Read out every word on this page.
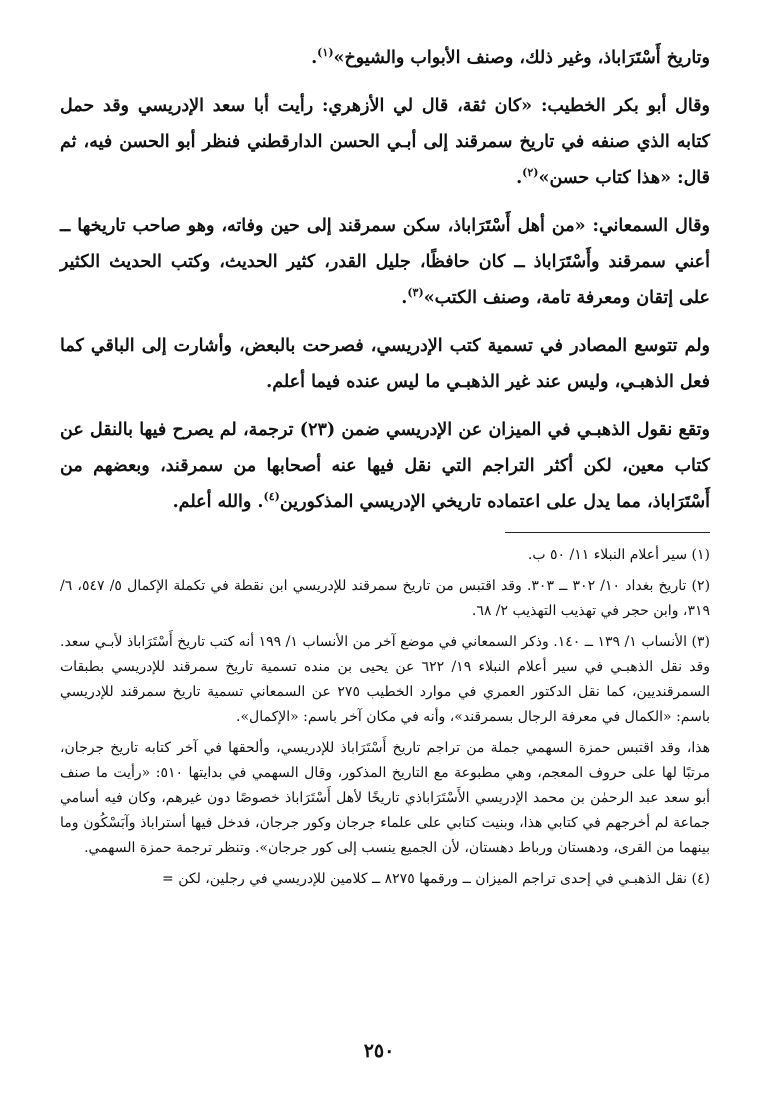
وتاريخ أَسْتَرَاباذ، وغير ذلك، وصنف الأبواب والشيوخ»$^{(١)}$.

وقال أبو بكر الخطيب: «كان ثقة، قال لي الأزهري: رأيت أبا سعد الإدريسي وقد حمل كتابه الذي صنفه في تاريخ سمرقند إلى أبـي الحسن الدارقطني فنظر أبو الحسن فيه، ثم قال: «هذا كتاب حسن»$^{(٢)}$.

وقال السمعاني: «من أهل أَسْتَرَاباذ، سكن سمرقند إلى حين وفاته، وهو صاحب تاريخها ــ أعني سمرقند وأَسْتَرَاباذ ــ كان حافظًا، جليل القدر، كثير الحديث، وكتب الحديث الكثير على إتقان ومعرفة تامة، وصنف الكتب»$^{(٣)}$.

ولم تتوسع المصادر في تسمية كتب الإدريسي، فصرحت بالبعض، وأشارت إلى الباقي كما فعل الذهبـي، وليس عند غير الذهبـي ما ليس عنده فيما أعلم.

وتقع نقول الذهبـي في الميزان عن الإدريسي ضمن (٢٣) ترجمة، لم يصرح فيها بالنقل عن كتاب معين، لكن أكثر التراجم التي نقل فيها عنه أصحابها من سمرقند، وبعضهم من أَسْتَرَاباذ، مما يدل على اعتماده تاريخي الإدريسي المذكورين$^{(٤)}$. والله أعلم.

(١) سير أعلام النبلاء ١١/ ٥٠ ب.

(٢) تاريخ بغداد ١٠/ ٣٠٢ ــ ٣٠٣. وقد اقتبس من تاريخ سمرقند للإدريسي ابن نقطة في تكملة الإكمال ٥/ ٥٤٧، ٦/ ٣١٩، وابن حجر في تهذيب التهذيب ٢/ ٦٨.

(٣) الأنساب ١/ ١٣٩ ــ ١٤٠. وذكر السمعاني في موضع آخر من الأنساب ١/ ١٩٩ أنه كتب تاريخ أَسْتَرَاباذ لأبـي سعد. وقد نقل الذهبـي في سير أعلام النبلاء ١٩/ ٦٢٢ عن يحيى بن منده تسمية تاريخ سمرقند للإدريسي بطبقات السمرقنديين، كما نقل الدكتور العمري في موارد الخطيب ٢٧٥ عن السمعاني تسمية تاريخ سمرقند للإدريسي باسم: «الكمال في معرفة الرجال بسمرقند»، وأنه في مكان آخر باسم: «الإكمال».

هذا، وقد اقتبس حمزة السهمي جملة من تراجم تاريخ أَسْتَرَاباذ للإدريسي، وألحقها في آخر كتابه تاريخ جرجان، مرتبًا لها على حروف المعجم، وهي مطبوعة مع التاريخ المذكور، وقال السهمي في بدايتها ٥١٠: «رأيت ما صنف أبو سعد عبد الرحمٰن بن محمد الإدريسي الأَسْتَرَاباذي تاريخًا لأهل أَسْتَرَاباذ خصوصًا دون غيرهم، وكان فيه أسامي جماعة لم أخرجهم في كتابي هذا، وبنيت كتابي على علماء جرجان وكور جرجان، فدخل فيها أستراباذ وآبَسْكُون وما بينهما من القرى، ودهستان ورباط دهستان، لأن الجميع ينسب إلى كور جرجان». وتنظر ترجمة حمزة السهمي.

(٤) نقل الذهبـي في إحدى تراجم الميزان ــ ورقمها ٨٢٧٥ ــ كلامين للإدريسي في رجلين، لكن =

٢٥٠
